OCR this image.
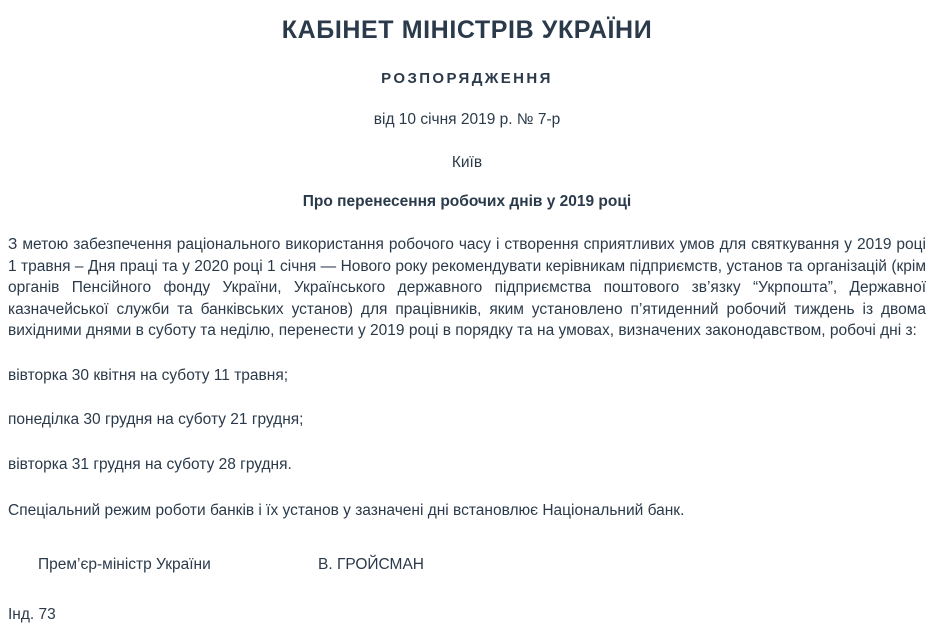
КАБІНЕТ МІНІСТРІВ УКРАЇНИ
РОЗПОРЯДЖЕННЯ
від 10 січня 2019 р. № 7-р
Київ
Про перенесення робочих днів у 2019 році

З метою забезпечення раціонального використання робочого часу і створення сприятливих умов для святкування у 2019 році 1 травня – Дня праці та у 2020 році 1 січня — Нового року рекомендувати керівникам підприємств, установ та організацій (крім органів Пенсійного фонду України, Українського державного підприємства поштового зв’язку “Укрпошта”, Державної казначейської служби та банківських установ) для працівників, яким установлено п’ятиденний робочий тиждень із двома вихідними днями в суботу та неділю, перенести у 2019 році в порядку та на умовах, визначених законодавством, робочі дні з:

вівторка 30 квітня на суботу 11 травня;

понеділка 30 грудня на суботу 21 грудня;

вівторка 31 грудня на суботу 28 грудня.

Спеціальний режим роботи банків і їх установ у зазначені дні встановлює Національний банк.

Прем’єр-міністр України	В. ГРОЙСМАН
Інд. 73
